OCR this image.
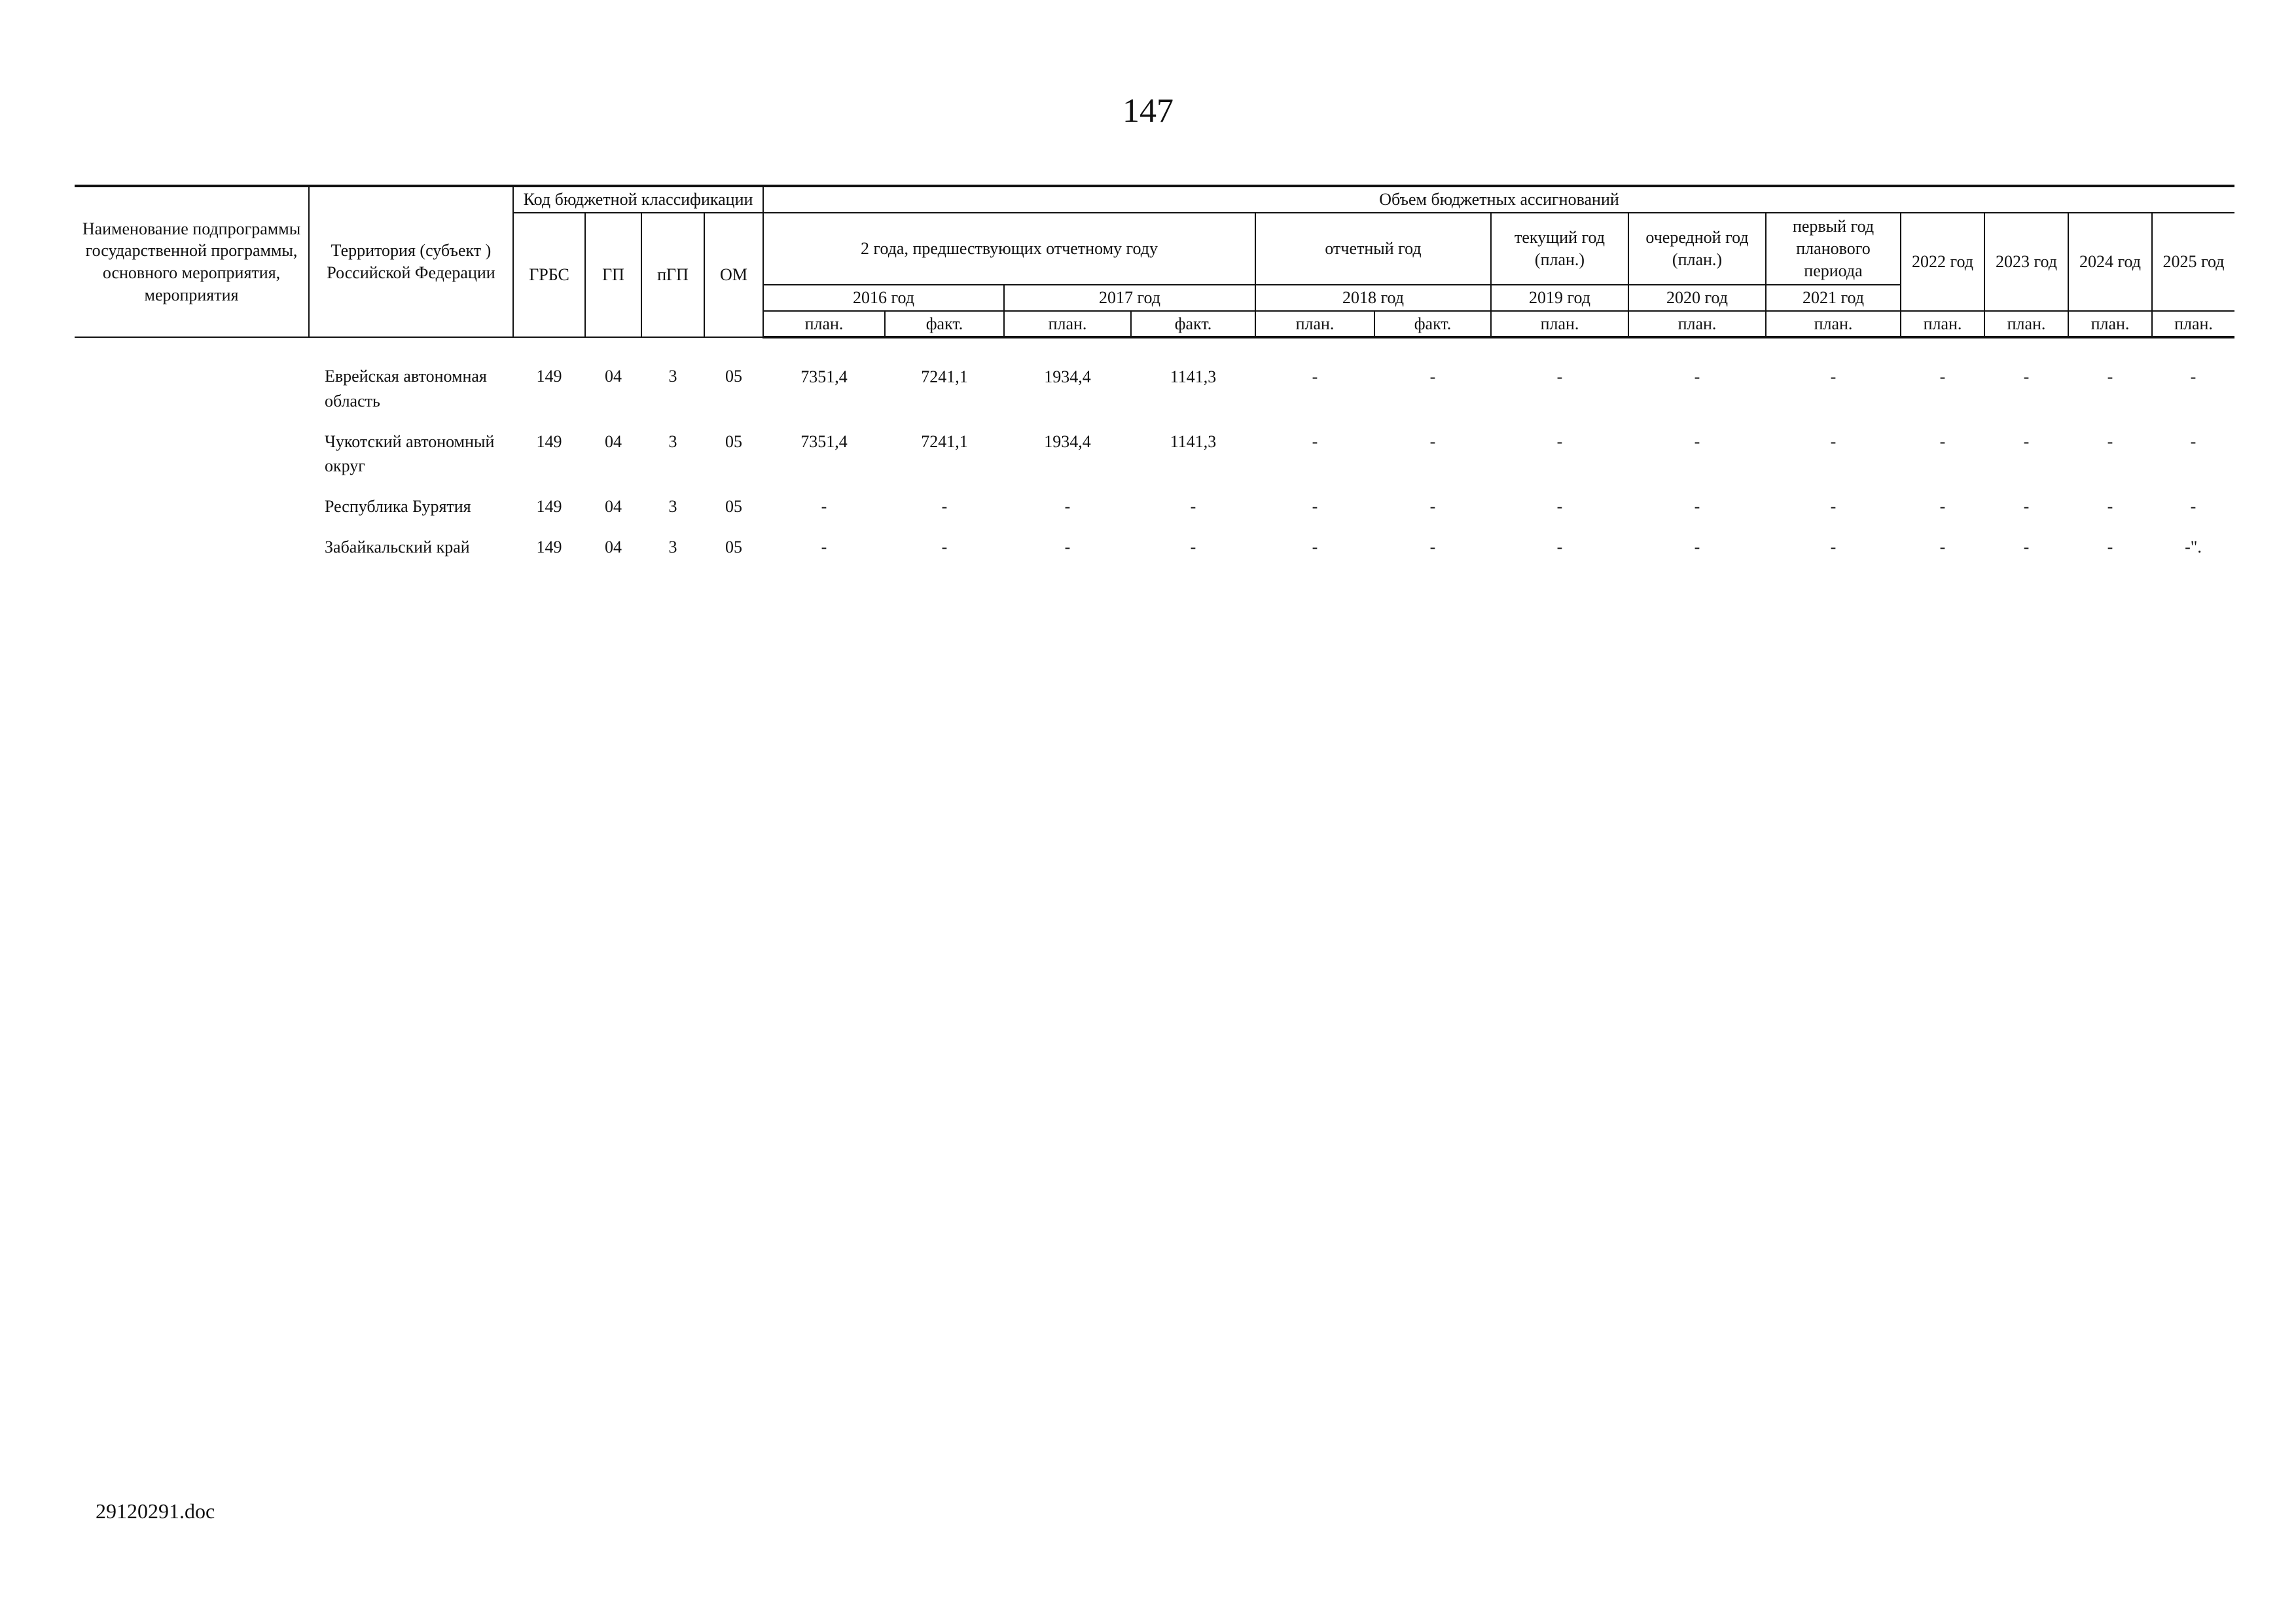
147
Наименование подпрограммы государственной программы, основного мероприятия, мероприятия	Территория (субъект ) Российской Федерации	Код бюджетной классификации				Объем бюджетных ассигнований												
		ГРБС	ГП	пГП	ОМ	2 года, предшествующих отчетному году				отчетный год		текущий год (план.)	очередной год (план.)	первый год планового периода	2022 год	2023 год	2024 год	2025 год
						2016 год		2017 год		2018 год		2019 год	2020 год	2021 год				

						план.	факт.	план.	факт.	план.	факт.	план.	план.	план.	план.	план.	план.	план.
	Еврейская автономная область	149	04	3	05	7351,4	7241,1	1934,4	1141,3	-	-	-	-	-	-	-	-	-
	Чукотский автономный округ	149	04	3	05	7351,4	7241,1	1934,4	1141,3	-	-	-	-	-	-	-	-	-
	Республика Бурятия	149	04	3	05	-	-	-	-	-	-	-	-	-	-	-	-	-
	Забайкальский край	149	04	3	05	-	-	-	-	-	-	-	-	-	-	-	-	-".
29120291.doc
